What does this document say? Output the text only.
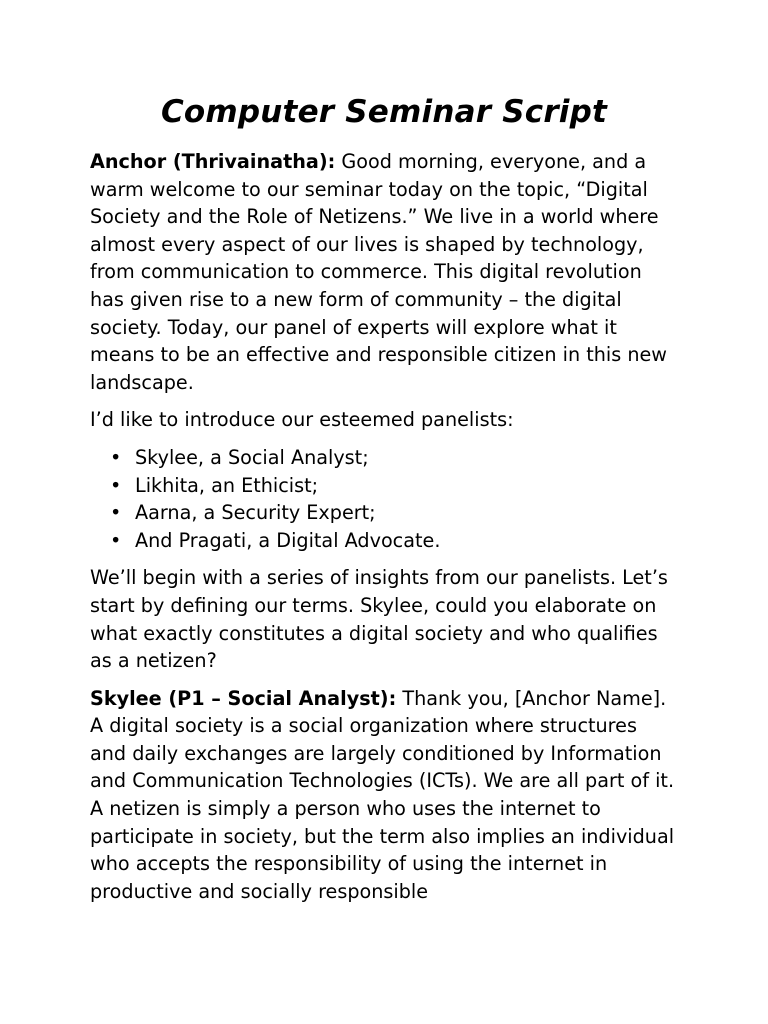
Computer Seminar Script

Anchor (Thrivainatha): Good morning, everyone, and a warm welcome to our seminar today on the topic, “Digital Society and the Role of Netizens.” We live in a world where almost every aspect of our lives is shaped by technology, from communication to commerce. This digital revolution has given rise to a new form of community – the digital society. Today, our panel of experts will explore what it means to be an effective and responsible citizen in this new landscape.

I’d like to introduce our esteemed panelists:

• Skylee, a Social Analyst;
• Likhita, an Ethicist;
• Aarna, a Security Expert;
• And Pragati, a Digital Advocate.

We’ll begin with a series of insights from our panelists. Let’s start by defining our terms. Skylee, could you elaborate on what exactly constitutes a digital society and who qualifies as a netizen?

Skylee (P1 – Social Analyst): Thank you, [Anchor Name]. A digital society is a social organization where structures and daily exchanges are largely conditioned by Information and Communication Technologies (ICTs). We are all part of it. A netizen is simply a person who uses the internet to participate in society, but the term also implies an individual who accepts the responsibility of using the internet in productive and socially responsible
